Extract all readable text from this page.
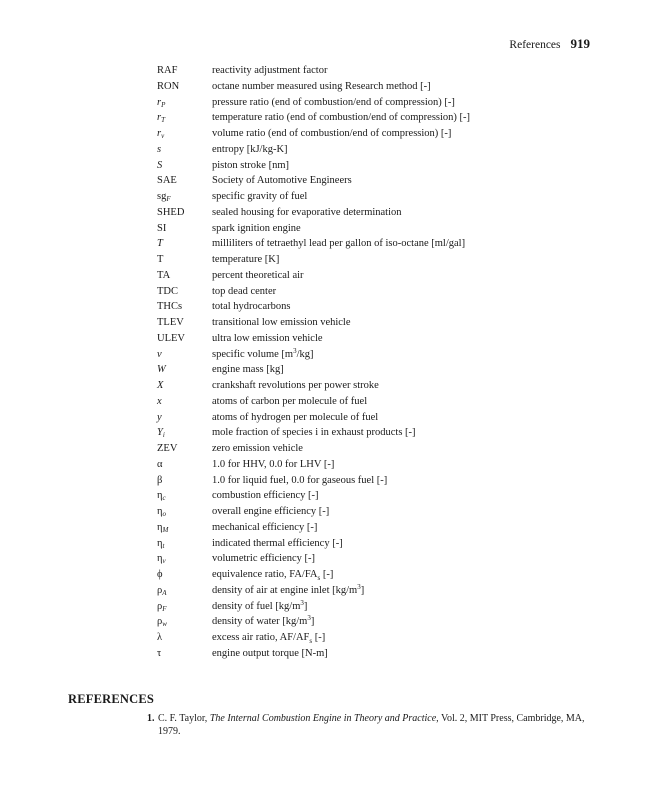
References 919
RAF	reactivity adjustment factor
RON	octane number measured using Research method [-]
$r_P$	pressure ratio (end of combustion/end of compression) [-]
$r_T$	temperature ratio (end of combustion/end of compression) [-]
$r_v$	volume ratio (end of combustion/end of compression) [-]
s	entropy [kJ/kg-K]
S	piston stroke [nm]
SAE	Society of Automotive Engineers
$sg_F$	specific gravity of fuel
SHED	sealed housing for evaporative determination
SI	spark ignition engine
T	milliliters of tetraethyl lead per gallon of iso-octane [ml/gal]
T	temperature [K]
TA	percent theoretical air
TDC	top dead center
THCs	total hydrocarbons
TLEV	transitional low emission vehicle
ULEV	ultra low emission vehicle
v	specific volume $[m^3/kg]$
W	engine mass [kg]
X	crankshaft revolutions per power stroke
x	atoms of carbon per molecule of fuel
y	atoms of hydrogen per molecule of fuel
$Y_i$	mole fraction of species i in exhaust products [-]
ZEV	zero emission vehicle
α	1.0 for HHV, 0.0 for LHV [-]
β	1.0 for liquid fuel, 0.0 for gaseous fuel [-]
$\eta_c$	combustion efficiency [-]
$\eta_o$	overall engine efficiency [-]
$\eta_M$	mechanical efficiency [-]
$\eta_t$	indicated thermal efficiency [-]
$\eta_v$	volumetric efficiency [-]
ϕ	equivalence ratio, $FA/FA_s$ [-]
$\rho_A$	density of air at engine inlet $[kg/m^3]$
$\rho_F$	density of fuel $[kg/m^3]$
$\rho_w$	density of water $[kg/m^3]$
λ	excess air ratio, $AF/AF_s$ [-]
τ	engine output torque [N-m]
REFERENCES
1. C. F. Taylor, The Internal Combustion Engine in Theory and Practice, Vol. 2, MIT Press, Cambridge, MA, 1979.
